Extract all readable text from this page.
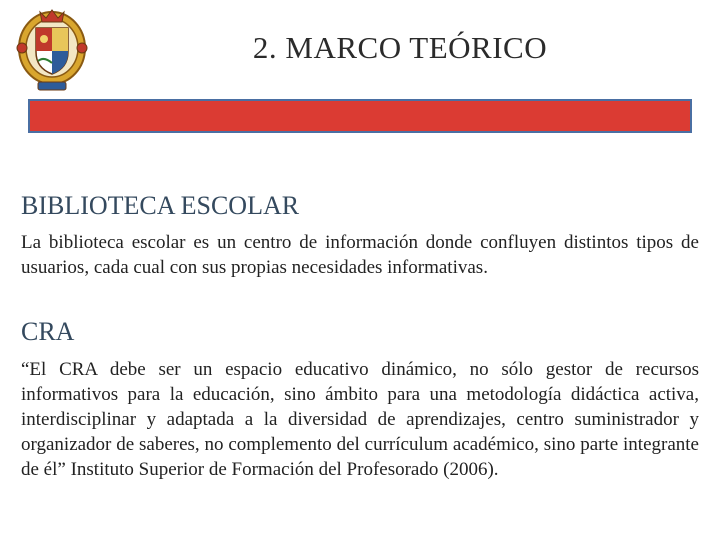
2. MARCO TEÓRICO
BIBLIOTECA ESCOLAR

La biblioteca escolar es un centro de información donde confluyen distintos tipos de usuarios, cada cual con sus propias necesidades informativas.

CRA

“El CRA debe ser un espacio educativo dinámico, no sólo gestor de recursos informativos para la educación, sino ámbito para una metodología didáctica activa, interdisciplinar y adaptada a la diversidad de aprendizajes, centro suministrador y organizador de saberes, no complemento del currículum académico, sino parte integrante de él” Instituto Superior de Formación del Profesorado (2006).
